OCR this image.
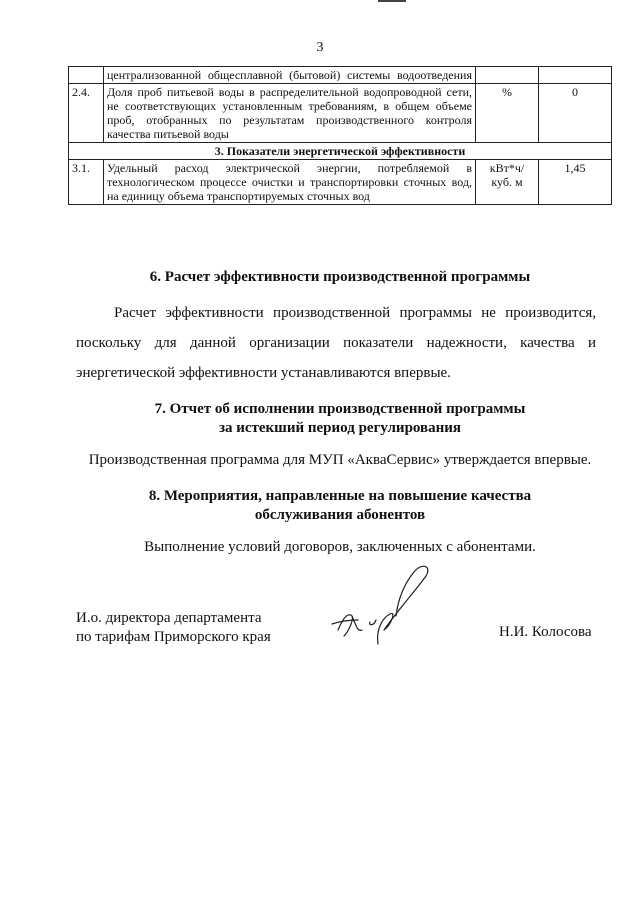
3
	централизованной общесплавной (бытовой) системы водоотведения		
2.4.	Доля проб питьевой воды в распределительной водопроводной сети, не соответствующих установленным требованиям, в общем объеме проб, отобранных по результатам производственного контроля качества питьевой воды	%	0
3. Показатели энергетической эффективности			
3.1.	Удельный расход электрической энергии, потребляемой в технологическом процессе очистки и транспортировки сточных вод, на единицу объема транспортируемых сточных вод	кВт*ч/ куб. м	1,45
6. Расчет эффективности производственной программы
Расчет эффективности производственной программы не производится, поскольку для данной организации показатели надежности, качества и энергетической эффективности устанавливаются впервые.
7. Отчет об исполнении производственной программы
за истекший период регулирования
Производственная программа для МУП «АкваСервис» утверждается впервые.
8. Мероприятия, направленные на повышение качества
обслуживания абонентов
Выполнение условий договоров, заключенных с абонентами.
И.о. директора департамента
по тарифам Приморского края	Н.И. Колосова
